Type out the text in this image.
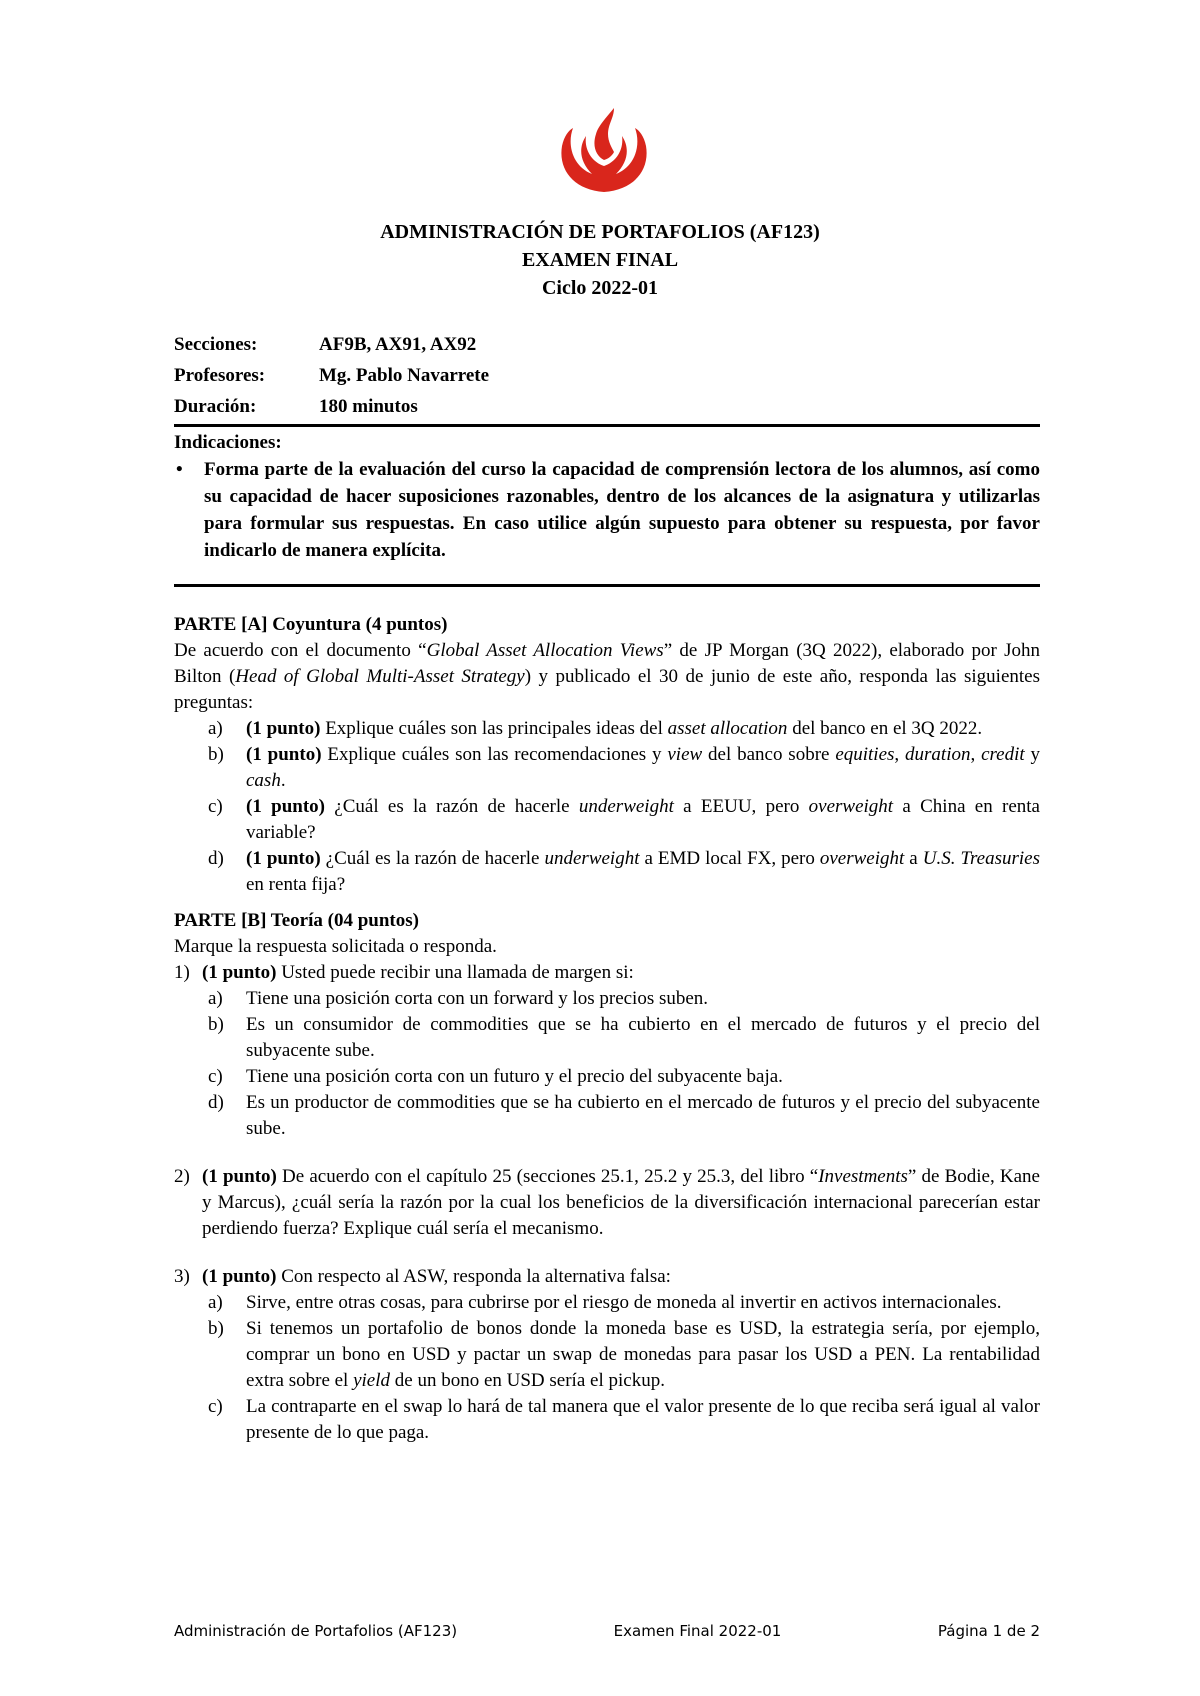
ADMINISTRACIÓN DE PORTAFOLIOS (AF123)
EXAMEN FINAL
Ciclo 2022-01
Secciones:	AF9B, AX91, AX92
Profesores:	Mg. Pablo Navarrete
Duración:	180 minutos
Indicaciones:
•	Forma parte de la evaluación del curso la capacidad de comprensión lectora de los alumnos, así como su capacidad de hacer suposiciones razonables, dentro de los alcances de la asignatura y utilizarlas para formular sus respuestas. En caso utilice algún supuesto para obtener su respuesta, por favor indicarlo de manera explícita.
PARTE [A] Coyuntura (4 puntos)
De acuerdo con el documento “Global Asset Allocation Views” de JP Morgan (3Q 2022), elaborado por John Bilton (Head of Global Multi-Asset Strategy) y publicado el 30 de junio de este año, responda las siguientes preguntas:
a)	(1 punto) Explique cuáles son las principales ideas del asset allocation del banco en el 3Q 2022.
b)	(1 punto) Explique cuáles son las recomendaciones y view del banco sobre equities, duration, credit y cash.
c)	(1 punto) ¿Cuál es la razón de hacerle underweight a EEUU, pero overweight a China en renta variable?
d)	(1 punto) ¿Cuál es la razón de hacerle underweight a EMD local FX, pero overweight a U.S. Treasuries en renta fija?
PARTE [B] Teoría (04 puntos)
Marque la respuesta solicitada o responda.
1) (1 punto) Usted puede recibir una llamada de margen si:
a)	Tiene una posición corta con un forward y los precios suben.
b)	Es un consumidor de commodities que se ha cubierto en el mercado de futuros y el precio del subyacente sube.
c)	Tiene una posición corta con un futuro y el precio del subyacente baja.
d)	Es un productor de commodities que se ha cubierto en el mercado de futuros y el precio del subyacente sube.
2) (1 punto) De acuerdo con el capítulo 25 (secciones 25.1, 25.2 y 25.3, del libro “Investments” de Bodie, Kane y Marcus), ¿cuál sería la razón por la cual los beneficios de la diversificación internacional parecerían estar perdiendo fuerza? Explique cuál sería el mecanismo.
3) (1 punto) Con respecto al ASW, responda la alternativa falsa:
a)	Sirve, entre otras cosas, para cubrirse por el riesgo de moneda al invertir en activos internacionales.
b)	Si tenemos un portafolio de bonos donde la moneda base es USD, la estrategia sería, por ejemplo, comprar un bono en USD y pactar un swap de monedas para pasar los USD a PEN. La rentabilidad extra sobre el yield de un bono en USD sería el pickup.
c)	La contraparte en el swap lo hará de tal manera que el valor presente de lo que reciba será igual al valor presente de lo que paga.
Administración de Portafolios (AF123)	Examen Final 2022-01	Página 1 de 2
